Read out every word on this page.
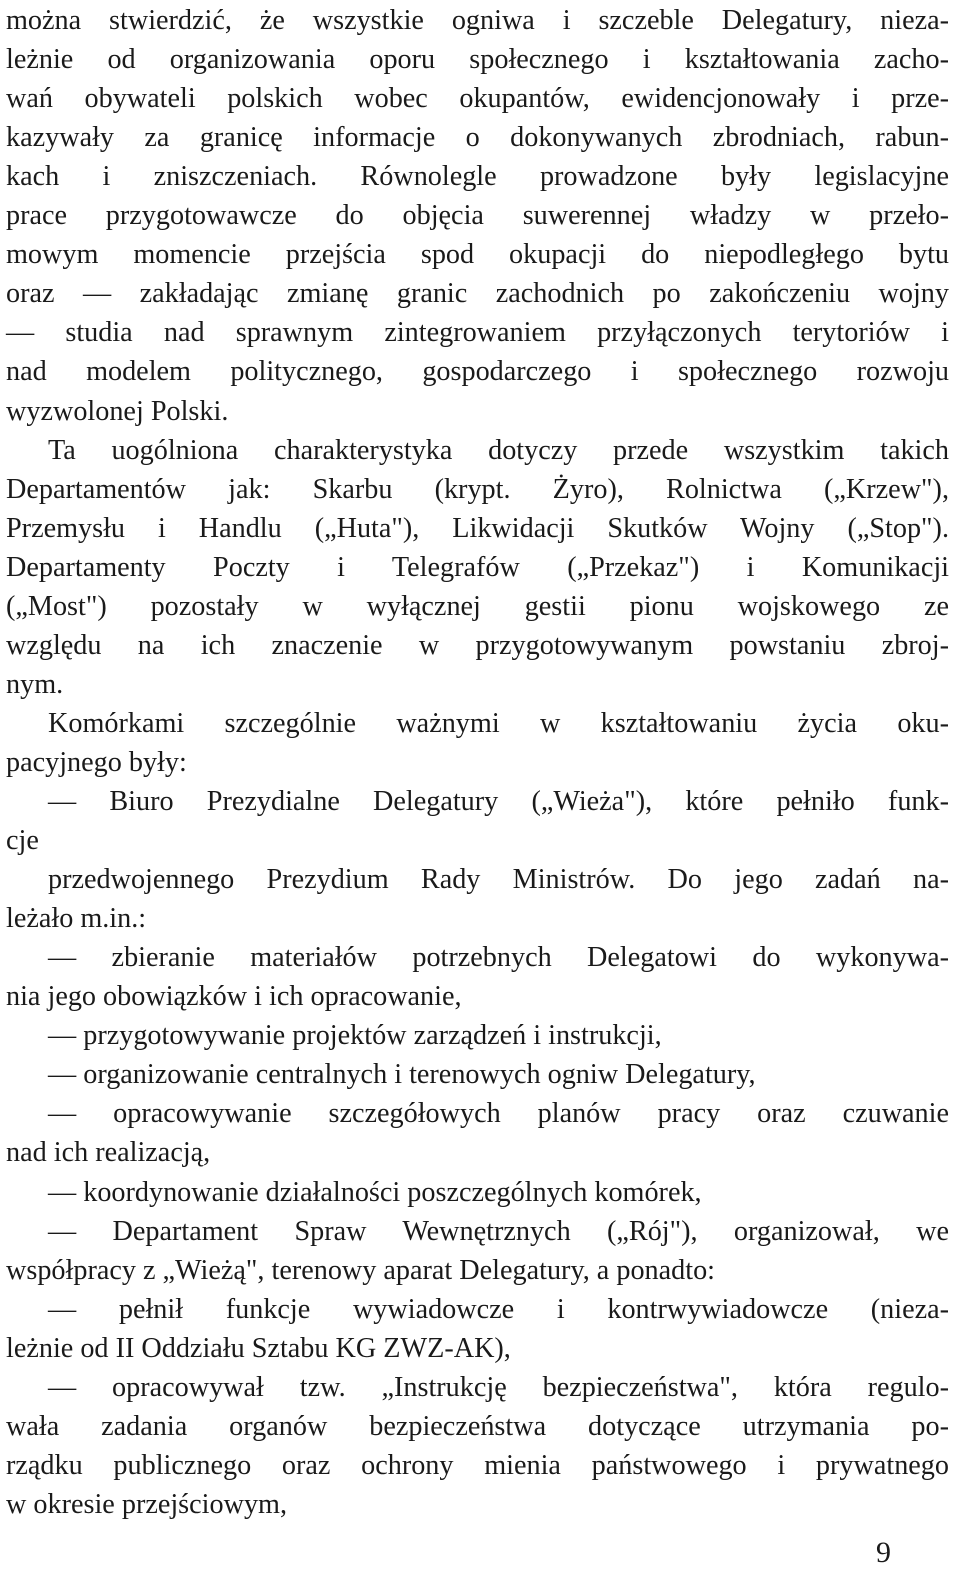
można stwierdzić, że wszystkie ogniwa i szczeble Delegatury, nieza-
leżnie od organizowania oporu społecznego i kształtowania zacho-
wań obywateli polskich wobec okupantów, ewidencjonowały i prze-
kazywały za granicę informacje o dokonywanych zbrodniach, rabun-
kach i zniszczeniach. Równolegle prowadzone były legislacyjne
prace przygotowawcze do objęcia suwerennej władzy w przeło-
mowym momencie przejścia spod okupacji do niepodległego bytu
oraz — zakładając zmianę granic zachodnich po zakończeniu wojny
— studia nad sprawnym zintegrowaniem przyłączonych terytoriów i
nad modelem politycznego, gospodarczego i społecznego rozwoju
wyzwolonej Polski.
Ta uogólniona charakterystyka dotyczy przede wszystkim takich
Departamentów jak: Skarbu (krypt. Żyro), Rolnictwa („Krzew"),
Przemysłu i Handlu („Huta"), Likwidacji Skutków Wojny („Stop").
Departamenty Poczty i Telegrafów („Przekaz") i Komunikacji
(„Most") pozostały w wyłącznej gestii pionu wojskowego ze
względu na ich znaczenie w przygotowywanym powstaniu zbroj-
nym.
Komórkami szczególnie ważnymi w kształtowaniu życia oku-
pacyjnego były:
— Biuro Prezydialne Delegatury („Wieża"), które pełniło funk-
cje
przedwojennego Prezydium Rady Ministrów. Do jego zadań na-
leżało m.in.:
— zbieranie materiałów potrzebnych Delegatowi do wykonywa-
nia jego obowiązków i ich opracowanie,
— przygotowywanie projektów zarządzeń i instrukcji,
— organizowanie centralnych i terenowych ogniw Delegatury,
— opracowywanie szczegółowych planów pracy oraz czuwanie
nad ich realizacją,
— koordynowanie działalności poszczególnych komórek,
— Departament Spraw Wewnętrznych („Rój"), organizował, we
współpracy z „Wieżą", terenowy aparat Delegatury, a ponadto:
— pełnił funkcje wywiadowcze i kontrwywiadowcze (nieza-
leżnie od II Oddziału Sztabu KG ZWZ-AK),
— opracowywał tzw. „Instrukcję bezpieczeństwa", która regulo-
wała zadania organów bezpieczeństwa dotyczące utrzymania po-
rządku publicznego oraz ochrony mienia państwowego i prywatnego
w okresie przejściowym,
9
